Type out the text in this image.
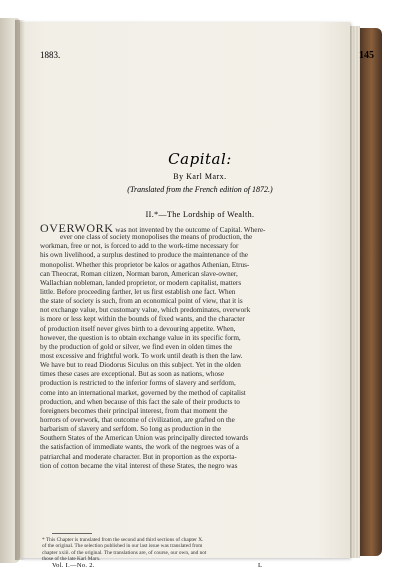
1883.	145
Capital:
By Karl Marx.
(Translated from the French edition of 1872.)
II.*—The Lordship of Wealth.
OVERWORK was not invented by the outcome of Capital. Where-
ever one class of society monopolises the means of production, the
workman, free or not, is forced to add to the work-time necessary for
his own livelihood, a surplus destined to produce the maintenance of the
monopolist. Whether this proprietor be kalos or agathos Athenian, Etrus-
can Theocrat, Roman citizen, Norman baron, American slave-owner,
Wallachian nobleman, landed proprietor, or modern capitalist, matters
little. Before proceeding farther, let us first establish one fact. When
the state of society is such, from an economical point of view, that it is
not exchange value, but customary value, which predominates, overwork
is more or less kept within the bounds of fixed wants, and the character
of production itself never gives birth to a devouring appetite. When,
however, the question is to obtain exchange value in its specific form,
by the production of gold or silver, we find even in olden times the
most excessive and frightful work. To work until death is then the law.
We have but to read Diodorus Siculus on this subject. Yet in the olden
times these cases are exceptional. But as soon as nations, whose
production is restricted to the inferior forms of slavery and serfdom,
come into an international market, governed by the method of capitalist
production, and when because of this fact the sale of their products to
foreigners becomes their principal interest, from that moment the
horrors of overwork, that outcome of civilization, are grafted on the
barbarism of slavery and serfdom. So long as production in the
Southern States of the American Union was principally directed towards
the satisfaction of immediate wants, the work of the negroes was of a
patriarchal and moderate character. But in proportion as the exporta-
tion of cotton became the vital interest of these States, the negro was
* This Chapter is translated from the second and third sections of chapter X.
of the original. The selection published in our last issue was translated from
chapter xxiii. of the original. The translations are, of course, our own, and not
those of the late Karl Marx.
Vol. I.—No. 2.	L
